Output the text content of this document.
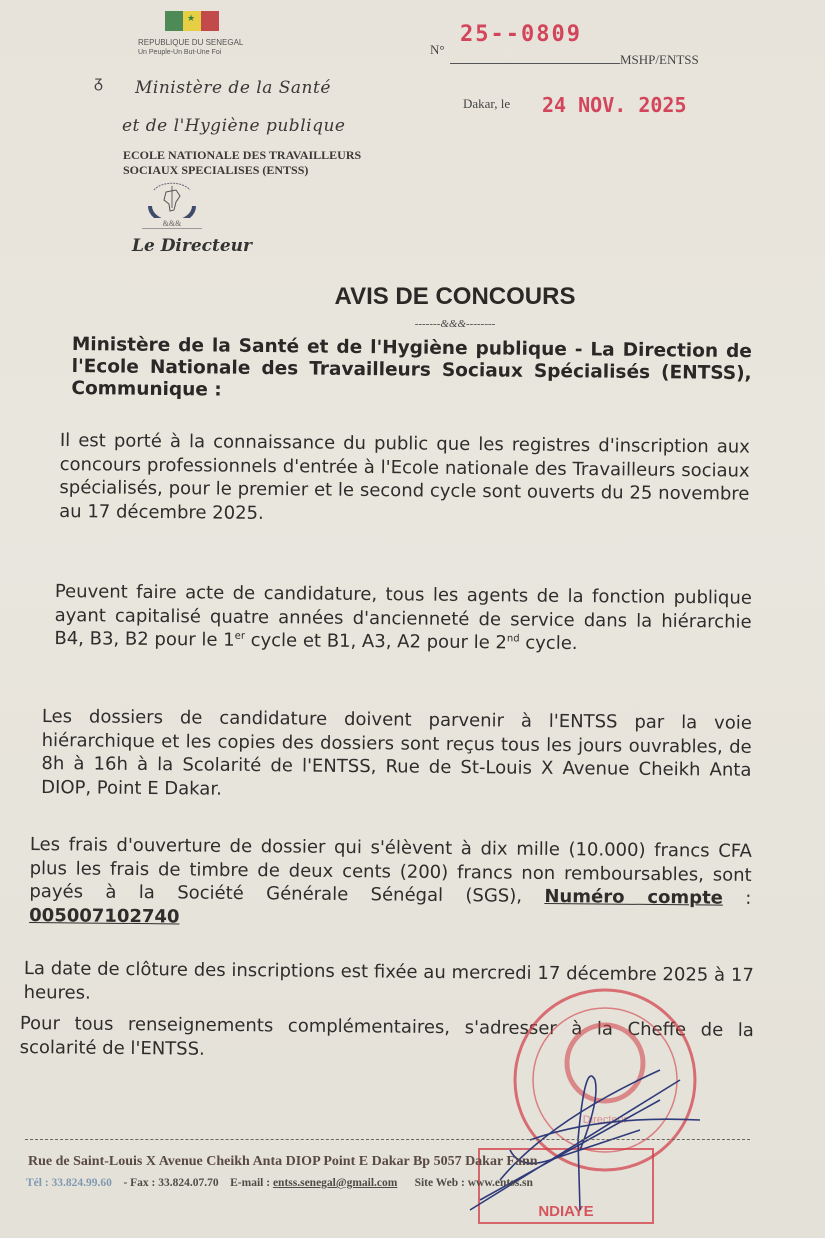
★
REPUBLIQUE DU SENEGAL
Un Peuple-Un But-Une Foi
ᵹ Ministère de la Santé
et de l'Hygiène publique
ECOLE NATIONALE DES TRAVAILLEURS
SOCIAUX SPECIALISES (ENTSS)
&&&
Le Directeur
N°
25--0809
MSHP/ENTSS
Dakar, le 24 NOV. 2025
AVIS DE CONCOURS
-------&&&--------
Ministère de la Santé et de l'Hygiène publique - La Direction de l'Ecole Nationale des Travailleurs Sociaux Spécialisés (ENTSS), Communique :

Il est porté à la connaissance du public que les registres d'inscription aux concours professionnels d'entrée à l'Ecole nationale des Travailleurs sociaux spécialisés, pour le premier et le second cycle sont ouverts du 25 novembre au 17 décembre 2025.

Peuvent faire acte de candidature, tous les agents de la fonction publique ayant capitalisé quatre années d'ancienneté de service dans la hiérarchie B4, B3, B2 pour le 1er cycle et B1, A3, A2 pour le 2nd cycle.

Les dossiers de candidature doivent parvenir à l'ENTSS par la voie hiérarchique et les copies des dossiers sont reçus tous les jours ouvrables, de 8h à 16h à la Scolarité de l'ENTSS, Rue de St-Louis X Avenue Cheikh Anta DIOP, Point E Dakar.

Les frais d'ouverture de dossier qui s'élèvent à dix mille (10.000) francs CFA plus les frais de timbre de deux cents (200) francs non remboursables, sont payés à la Société Générale Sénégal (SGS), Numéro compte : 005007102740

La date de clôture des inscriptions est fixée au mercredi 17 décembre 2025 à 17 heures.

Pour tous renseignements complémentaires, s'adresser à la Cheffe de la scolarité de l'ENTSS.

Directeur
NDIAYE
Rue de Saint-Louis X Avenue Cheikh Anta DIOP Point E Dakar Bp 5057 Dakar Fann
Tél : 33.824.99.60 - Fax : 33.824.07.70 E-mail : entss.senegal@gmail.com Site Web : www.entss.sn
